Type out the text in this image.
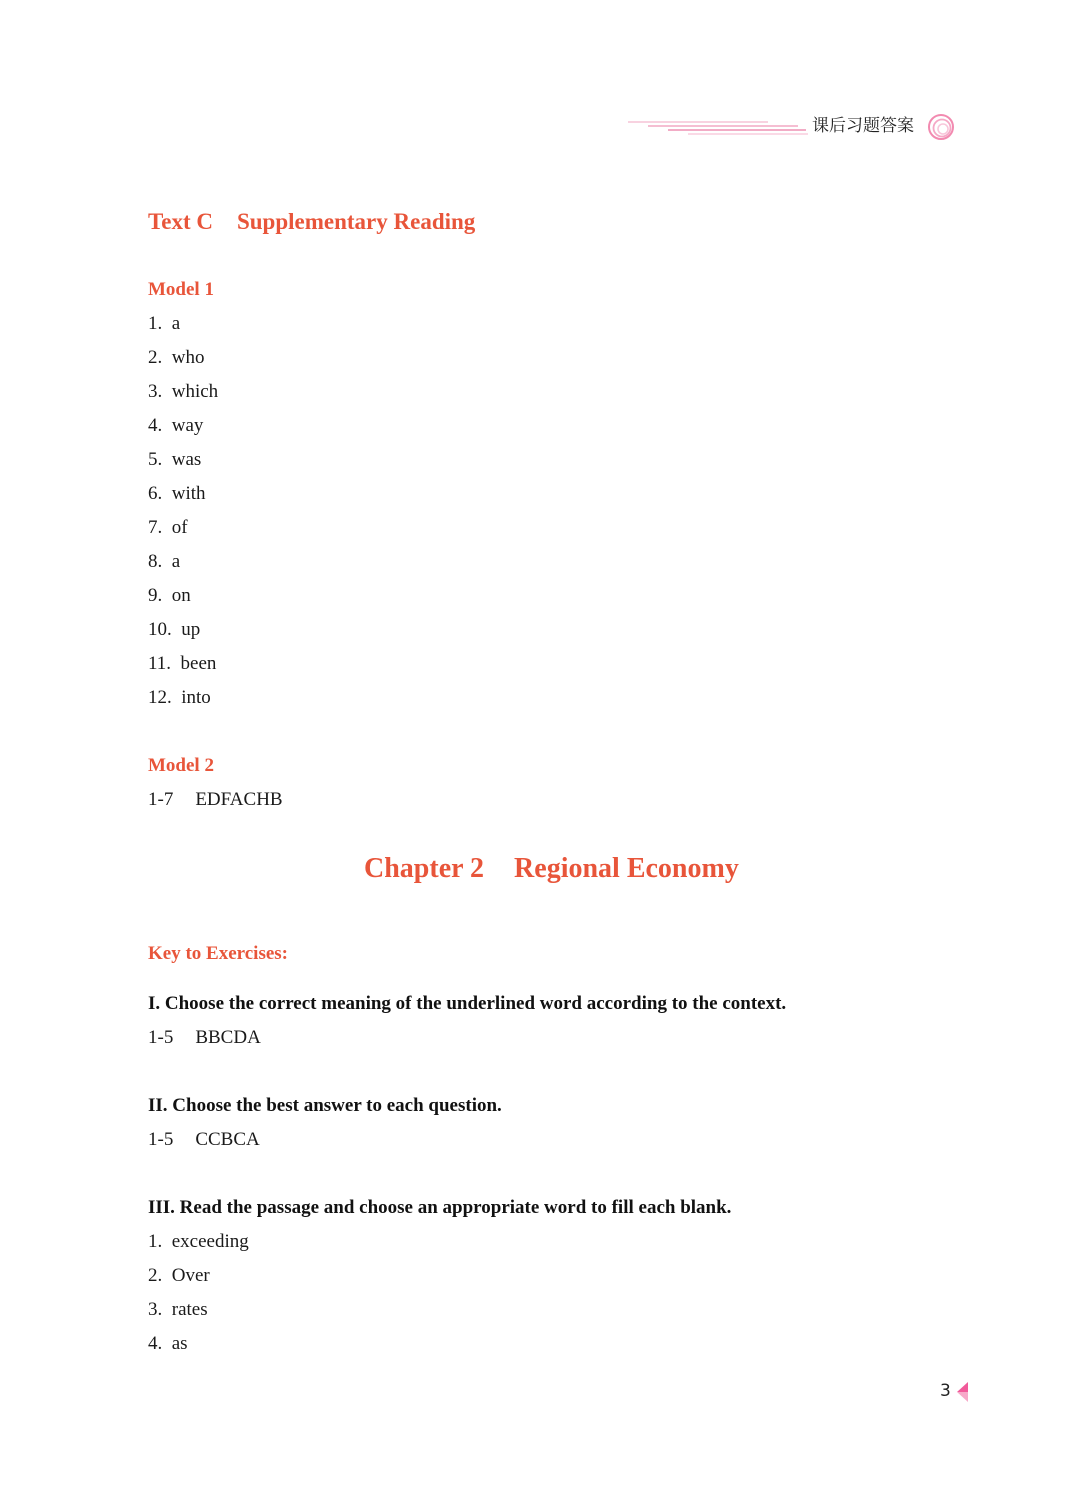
课后习题答案
Text C Supplementary Reading
Model 1
1. a
2. who
3. which
4. way
5. was
6. with
7. of
8. a
9. on
10. up
11. been
12. into
Model 2
1-7 EDFACHB
Chapter 2 Regional Economy
Key to Exercises:
I. Choose the correct meaning of the underlined word according to the context.
1-5 BBCDA
II. Choose the best answer to each question.
1-5 CCBCA
III. Read the passage and choose an appropriate word to fill each blank.
1. exceeding
2. Over
3. rates
4. as
3
